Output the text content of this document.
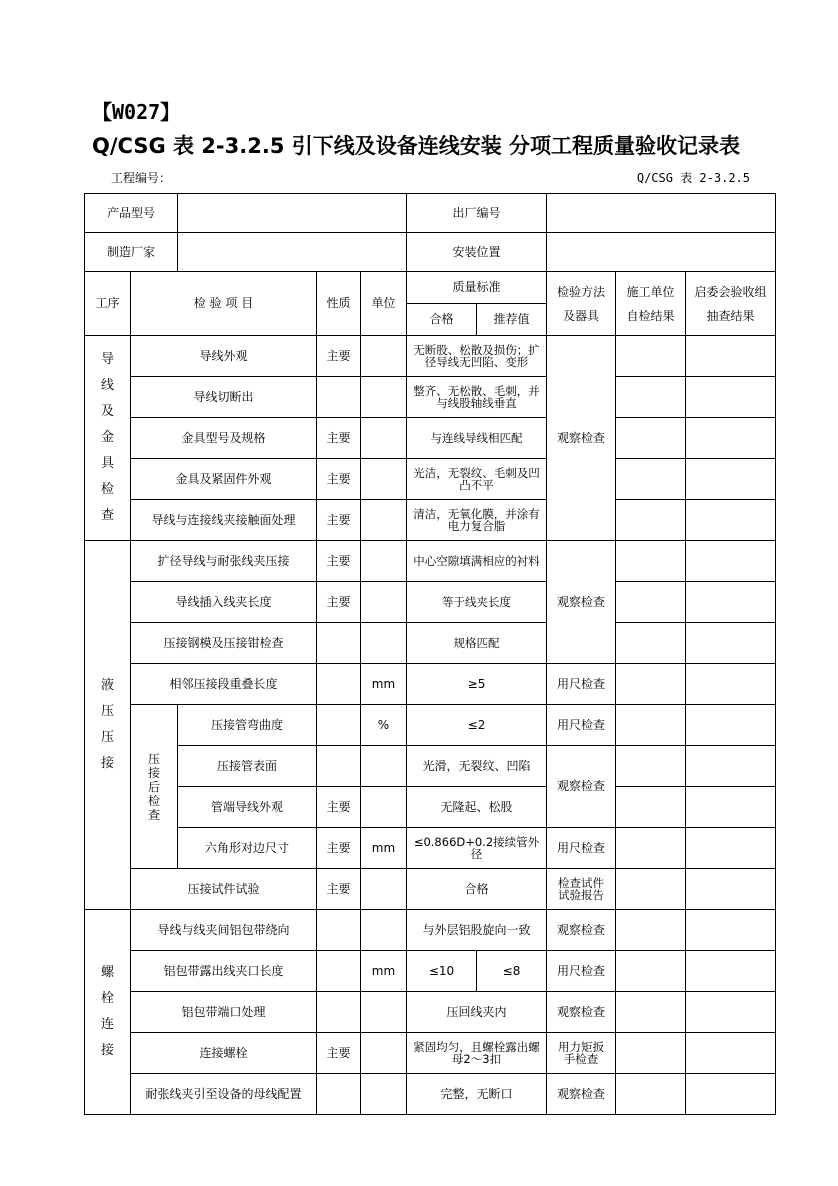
【W027】
Q/CSG 表 2-3.2.5 引下线及设备连线安装 分项工程质量验收记录表
工程编号：	Q/CSG 表 2-3.2.5
产品型号					出厂编号				
制造厂家					安装位置				
工序	检 验 项 目		性质	单位	质量标准		检验方法及器具	施工单位自检结果	启委会验收组抽查结果
					合格	推荐值			
导线及金具检查	导线外观		主要		无断股、松散及损伤；扩径导线无凹陷、变形		观察检查		
	导线切断出				整齐、无松散、毛刺，并与线股轴线垂直				
	金具型号及规格		主要		与连线导线相匹配				
	金具及紧固件外观		主要		光洁，无裂纹、毛刺及凹凸不平				
	导线与连接线夹接触面处理		主要		清洁，无氧化膜，并涂有电力复合脂				
液压压接	扩径导线与耐张线夹压接		主要		中心空隙填满相应的衬料		观察检查		
	导线插入线夹长度		主要		等于线夹长度				
	压接钢模及压接钳检查				规格匹配				
	相邻压接段重叠长度			mm	≥5		用尺检查		
	压接后检查	压接管弯曲度		%	≤2		用尺检查		
		压接管表面			光滑，无裂纹、凹陷		观察检查		
		管端导线外观	主要		无隆起、松股				
		六角形对边尺寸	主要	mm	≤0.866D+0.2接续管外径		用尺检查		
	压接试件试验		主要		合格		检查试件试验报告		
螺栓连接	导线与线夹间铝包带绕向				与外层铝股旋向一致		观察检查		
	铝包带露出线夹口长度			mm	≤10	≤8	用尺检查		
	铝包带端口处理				压回线夹内		观察检查		
	连接螺栓		主要		紧固均匀，且螺栓露出螺母2～3扣		用力矩扳手检查		
	耐张线夹引至设备的母线配置				完整，无断口		观察检查		
